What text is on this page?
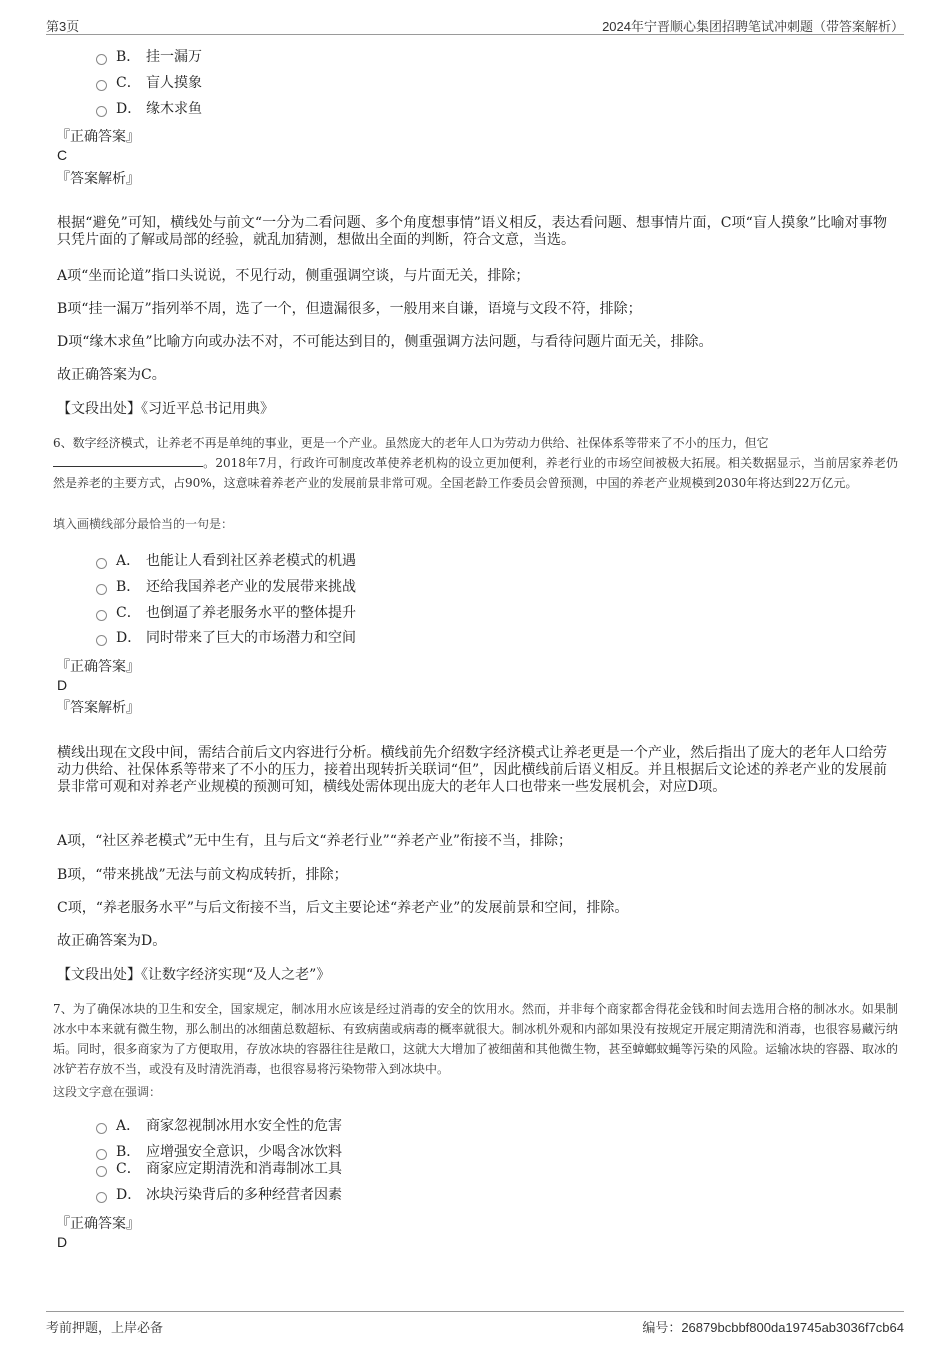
第3页	2024年宁晋顺心集团招聘笔试冲刺题（带答案解析）
B． 挂一漏万
C． 盲人摸象
D． 缘木求鱼
『正确答案』
C
『答案解析』

根据“避免”可知，横线处与前文“一分为二看问题、多个角度想事情”语义相反，表达看问题、想事情片面，C项“盲人摸象”比喻对事物只凭片面的了解或局部的经验，就乱加猜测，想做出全面的判断，符合文意，当选。

A项“坐而论道”指口头说说，不见行动，侧重强调空谈，与片面无关，排除；

B项“挂一漏万”指列举不周，选了一个，但遗漏很多，一般用来自谦，语境与文段不符，排除；

D项“缘木求鱼”比喻方向或办法不对，不可能达到目的，侧重强调方法问题，与看待问题片面无关，排除。

故正确答案为C。

【文段出处】《习近平总书记用典》

6、数字经济模式，让养老不再是单纯的事业，更是一个产业。虽然庞大的老年人口为劳动力供给、社保体系等带来了不小的压力，但它
。2018年7月，行政许可制度改革使养老机构的设立更加便利，养老行业的市场空间被极大拓展。相关数据显示，当前居家养老仍然是养老的主要方式，占90%，这意味着养老产业的发展前景非常可观。全国老龄工作委员会曾预测，中国的养老产业规模到2030年将达到22万亿元。

填入画横线部分最恰当的一句是：
A． 也能让人看到社区养老模式的机遇
B． 还给我国养老产业的发展带来挑战
C． 也倒逼了养老服务水平的整体提升
D． 同时带来了巨大的市场潜力和空间
『正确答案』
D
『答案解析』

横线出现在文段中间，需结合前后文内容进行分析。横线前先介绍数字经济模式让养老更是一个产业，然后指出了庞大的老年人口给劳动力供给、社保体系等带来了不小的压力，接着出现转折关联词“但”，因此横线前后语义相反。并且根据后文论述的养老产业的发展前景非常可观和对养老产业规模的预测可知，横线处需体现出庞大的老年人口也带来一些发展机会，对应D项。

A项，“社区养老模式”无中生有，且与后文“养老行业”“养老产业”衔接不当，排除；

B项，“带来挑战”无法与前文构成转折，排除；

C项，“养老服务水平”与后文衔接不当，后文主要论述“养老产业”的发展前景和空间，排除。

故正确答案为D。

【文段出处】《让数字经济实现“及人之老”》

7、为了确保冰块的卫生和安全，国家规定，制冰用水应该是经过消毒的安全的饮用水。然而，并非每个商家都舍得花金钱和时间去选用合格的制冰水。如果制冰水中本来就有微生物，那么制出的冰细菌总数超标、有致病菌或病毒的概率就很大。制冰机外观和内部如果没有按规定开展定期清洗和消毒，也很容易藏污纳垢。同时，很多商家为了方便取用，存放冰块的容器往往是敞口，这就大大增加了被细菌和其他微生物，甚至蟑螂蚊蝇等污染的风险。运输冰块的容器、取冰的冰铲若存放不当，或没有及时清洗消毒，也很容易将污染物带入到冰块中。

这段文字意在强调：
A． 商家忽视制冰用水安全性的危害
B． 应增强安全意识，少喝含冰饮料
C． 商家应定期清洗和消毒制冰工具
D． 冰块污染背后的多种经营者因素
『正确答案』
D
考前押题，上岸必备	编号：26879bcbbf800da19745ab3036f7cb64
